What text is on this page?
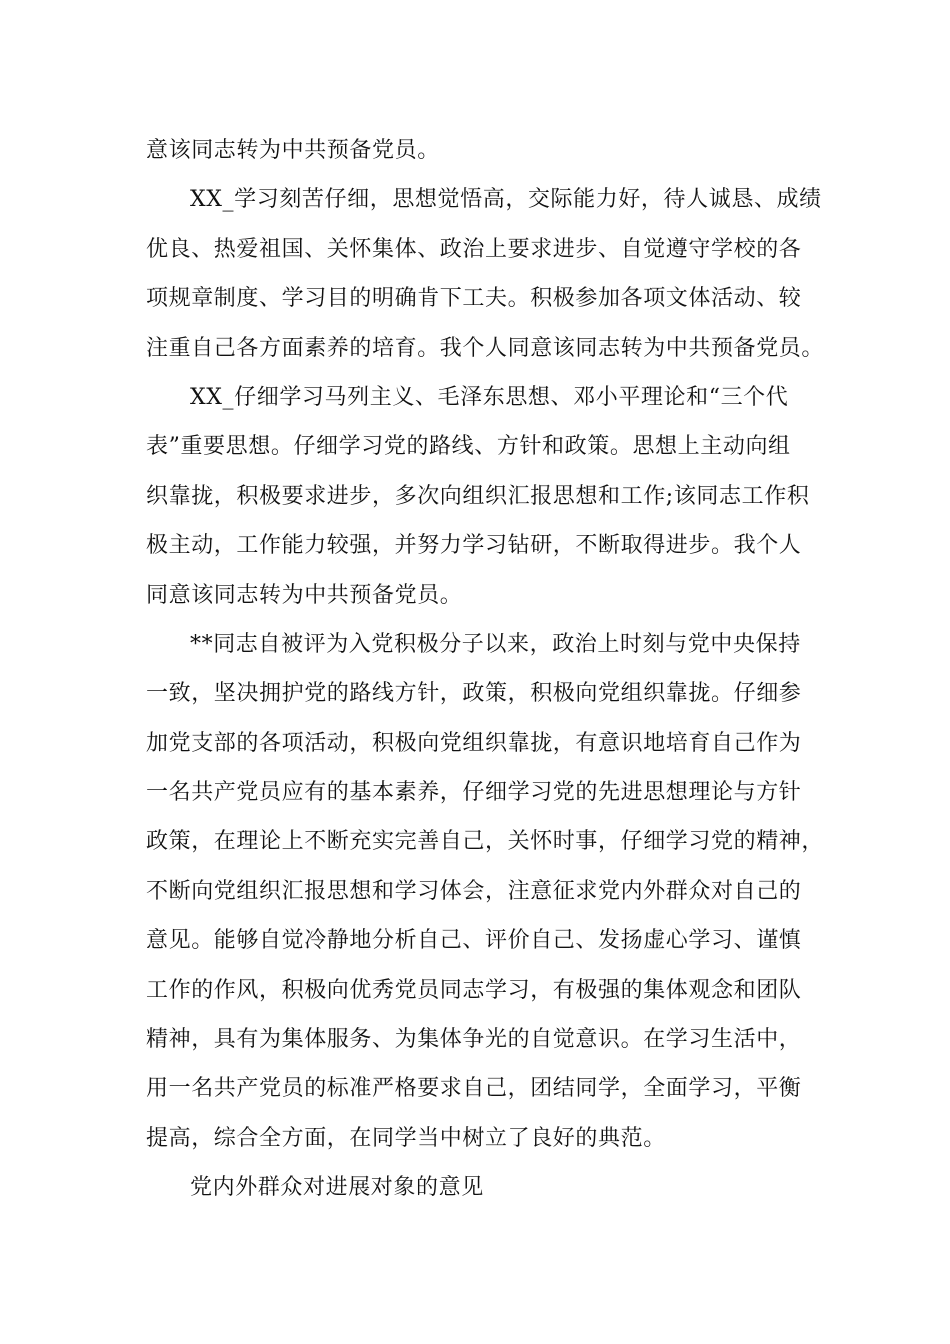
意该同志转为中共预备党员。
XX_学习刻苦仔细，思想觉悟高，交际能力好，待人诚恳、成绩
优良、热爱祖国、关怀集体、政治上要求进步、自觉遵守学校的各
项规章制度、学习目的明确肯下工夫。积极参加各项文体活动、较
注重自己各方面素养的培育。我个人同意该同志转为中共预备党员。
XX_仔细学习马列主义、毛泽东思想、邓小平理论和“三个代
表”重要思想。仔细学习党的路线、方针和政策。思想上主动向组
织靠拢，积极要求进步，多次向组织汇报思想和工作;该同志工作积
极主动，工作能力较强，并努力学习钻研，不断取得进步。我个人
同意该同志转为中共预备党员。
**同志自被评为入党积极分子以来，政治上时刻与党中央保持
一致，坚决拥护党的路线方针，政策，积极向党组织靠拢。仔细参
加党支部的各项活动，积极向党组织靠拢，有意识地培育自己作为
一名共产党员应有的基本素养，仔细学习党的先进思想理论与方针
政策，在理论上不断充实完善自己，关怀时事，仔细学习党的精神，
不断向党组织汇报思想和学习体会，注意征求党内外群众对自己的
意见。能够自觉冷静地分析自己、评价自己、发扬虚心学习、谨慎
工作的作风，积极向优秀党员同志学习，有极强的集体观念和团队
精神，具有为集体服务、为集体争光的自觉意识。在学习生活中，
用一名共产党员的标准严格要求自己，团结同学，全面学习，平衡
提高，综合全方面，在同学当中树立了良好的典范。
党内外群众对进展对象的意见
